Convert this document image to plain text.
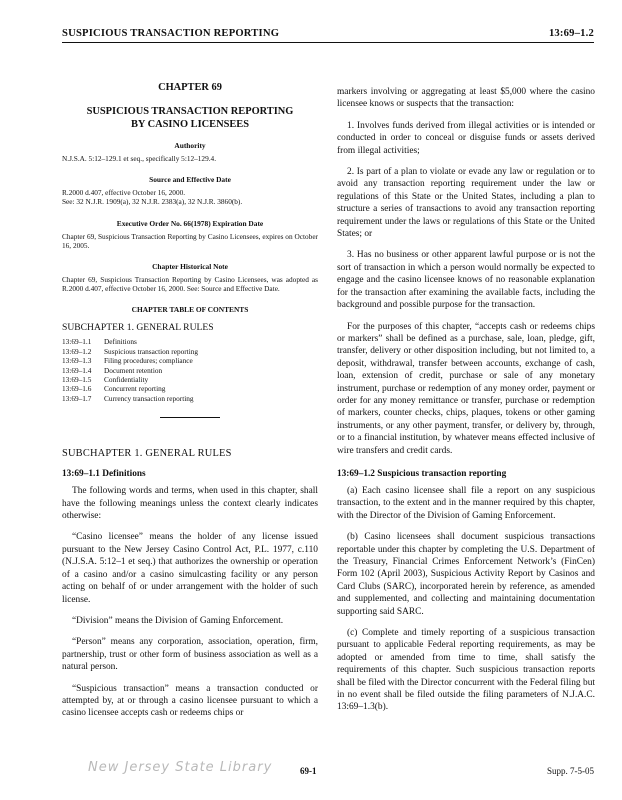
SUSPICIOUS TRANSACTION REPORTING	13:69–1.2
CHAPTER 69
SUSPICIOUS TRANSACTION REPORTING
BY CASINO LICENSEES
Authority
N.J.S.A. 5:12–129.1 et seq., specifically 5:12–129.4.
Source and Effective Date
R.2000 d.407, effective October 16, 2000.
See: 32 N.J.R. 1909(a), 32 N.J.R. 2383(a), 32 N.J.R. 3860(b).
Executive Order No. 66(1978) Expiration Date
Chapter 69, Suspicious Transaction Reporting by Casino Licensees, expires on October 16, 2005.
Chapter Historical Note
Chapter 69, Suspicious Transaction Reporting by Casino Licensees, was adopted as R.2000 d.407, effective October 16, 2000. See: Source and Effective Date.
CHAPTER TABLE OF CONTENTS
SUBCHAPTER 1. GENERAL RULES
13:69–1.1	Definitions
13:69–1.2	Suspicious transaction reporting
13:69–1.3	Filing procedures; compliance
13:69–1.4	Document retention
13:69–1.5	Confidentiality
13:69–1.6	Concurrent reporting
13:69–1.7	Currency transaction reporting
SUBCHAPTER 1. GENERAL RULES
13:69–1.1 Definitions

The following words and terms, when used in this chapter, shall have the following meanings unless the context clearly indicates otherwise:

“Casino licensee” means the holder of any license issued pursuant to the New Jersey Casino Control Act, P.L. 1977, c.110 (N.J.S.A. 5:12–1 et seq.) that authorizes the ownership or operation of a casino and/or a casino simulcasting facility or any person acting on behalf of or under arrangement with the holder of such license.

“Division” means the Division of Gaming Enforcement.

“Person” means any corporation, association, operation, firm, partnership, trust or other form of business association as well as a natural person.

“Suspicious transaction” means a transaction conducted or attempted by, at or through a casino licensee pursuant to which a casino licensee accepts cash or redeems chips or

markers involving or aggregating at least $5,000 where the casino licensee knows or suspects that the transaction:

1. Involves funds derived from illegal activities or is intended or conducted in order to conceal or disguise funds or assets derived from illegal activities;

2. Is part of a plan to violate or evade any law or regulation or to avoid any transaction reporting requirement under the law or regulations of this State or the United States, including a plan to structure a series of transactions to avoid any transaction reporting requirement under the laws or regulations of this State or the United States; or

3. Has no business or other apparent lawful purpose or is not the sort of transaction in which a person would normally be expected to engage and the casino licensee knows of no reasonable explanation for the transaction after examining the available facts, including the background and possible purpose for the transaction.

For the purposes of this chapter, “accepts cash or redeems chips or markers” shall be defined as a purchase, sale, loan, pledge, gift, transfer, delivery or other disposition including, but not limited to, a deposit, withdrawal, transfer between accounts, exchange of cash, loan, extension of credit, purchase or sale of any monetary instrument, purchase or redemption of any money order, payment or order for any money remittance or transfer, purchase or redemption of markers, counter checks, chips, plaques, tokens or other gaming instruments, or any other payment, transfer, or delivery by, through, or to a financial institution, by whatever means effected inclusive of wire transfers and credit cards.

13:69–1.2 Suspicious transaction reporting

(a) Each casino licensee shall file a report on any suspicious transaction, to the extent and in the manner required by this chapter, with the Director of the Division of Gaming Enforcement.

(b) Casino licensees shall document suspicious transactions reportable under this chapter by completing the U.S. Department of the Treasury, Financial Crimes Enforcement Network’s (FinCen) Form 102 (April 2003), Suspicious Activity Report by Casinos and Card Clubs (SARC), incorporated herein by reference, as amended and supplemented, and collecting and maintaining documentation supporting said SARC.

(c) Complete and timely reporting of a suspicious transaction pursuant to applicable Federal reporting requirements, as may be adopted or amended from time to time, shall satisfy the requirements of this chapter. Such suspicious transaction reports shall be filed with the Director concurrent with the Federal filing but in no event shall be filed outside the filing parameters of N.J.A.C. 13:69–1.3(b).

New Jersey State Library	69-1	Supp. 7-5-05
